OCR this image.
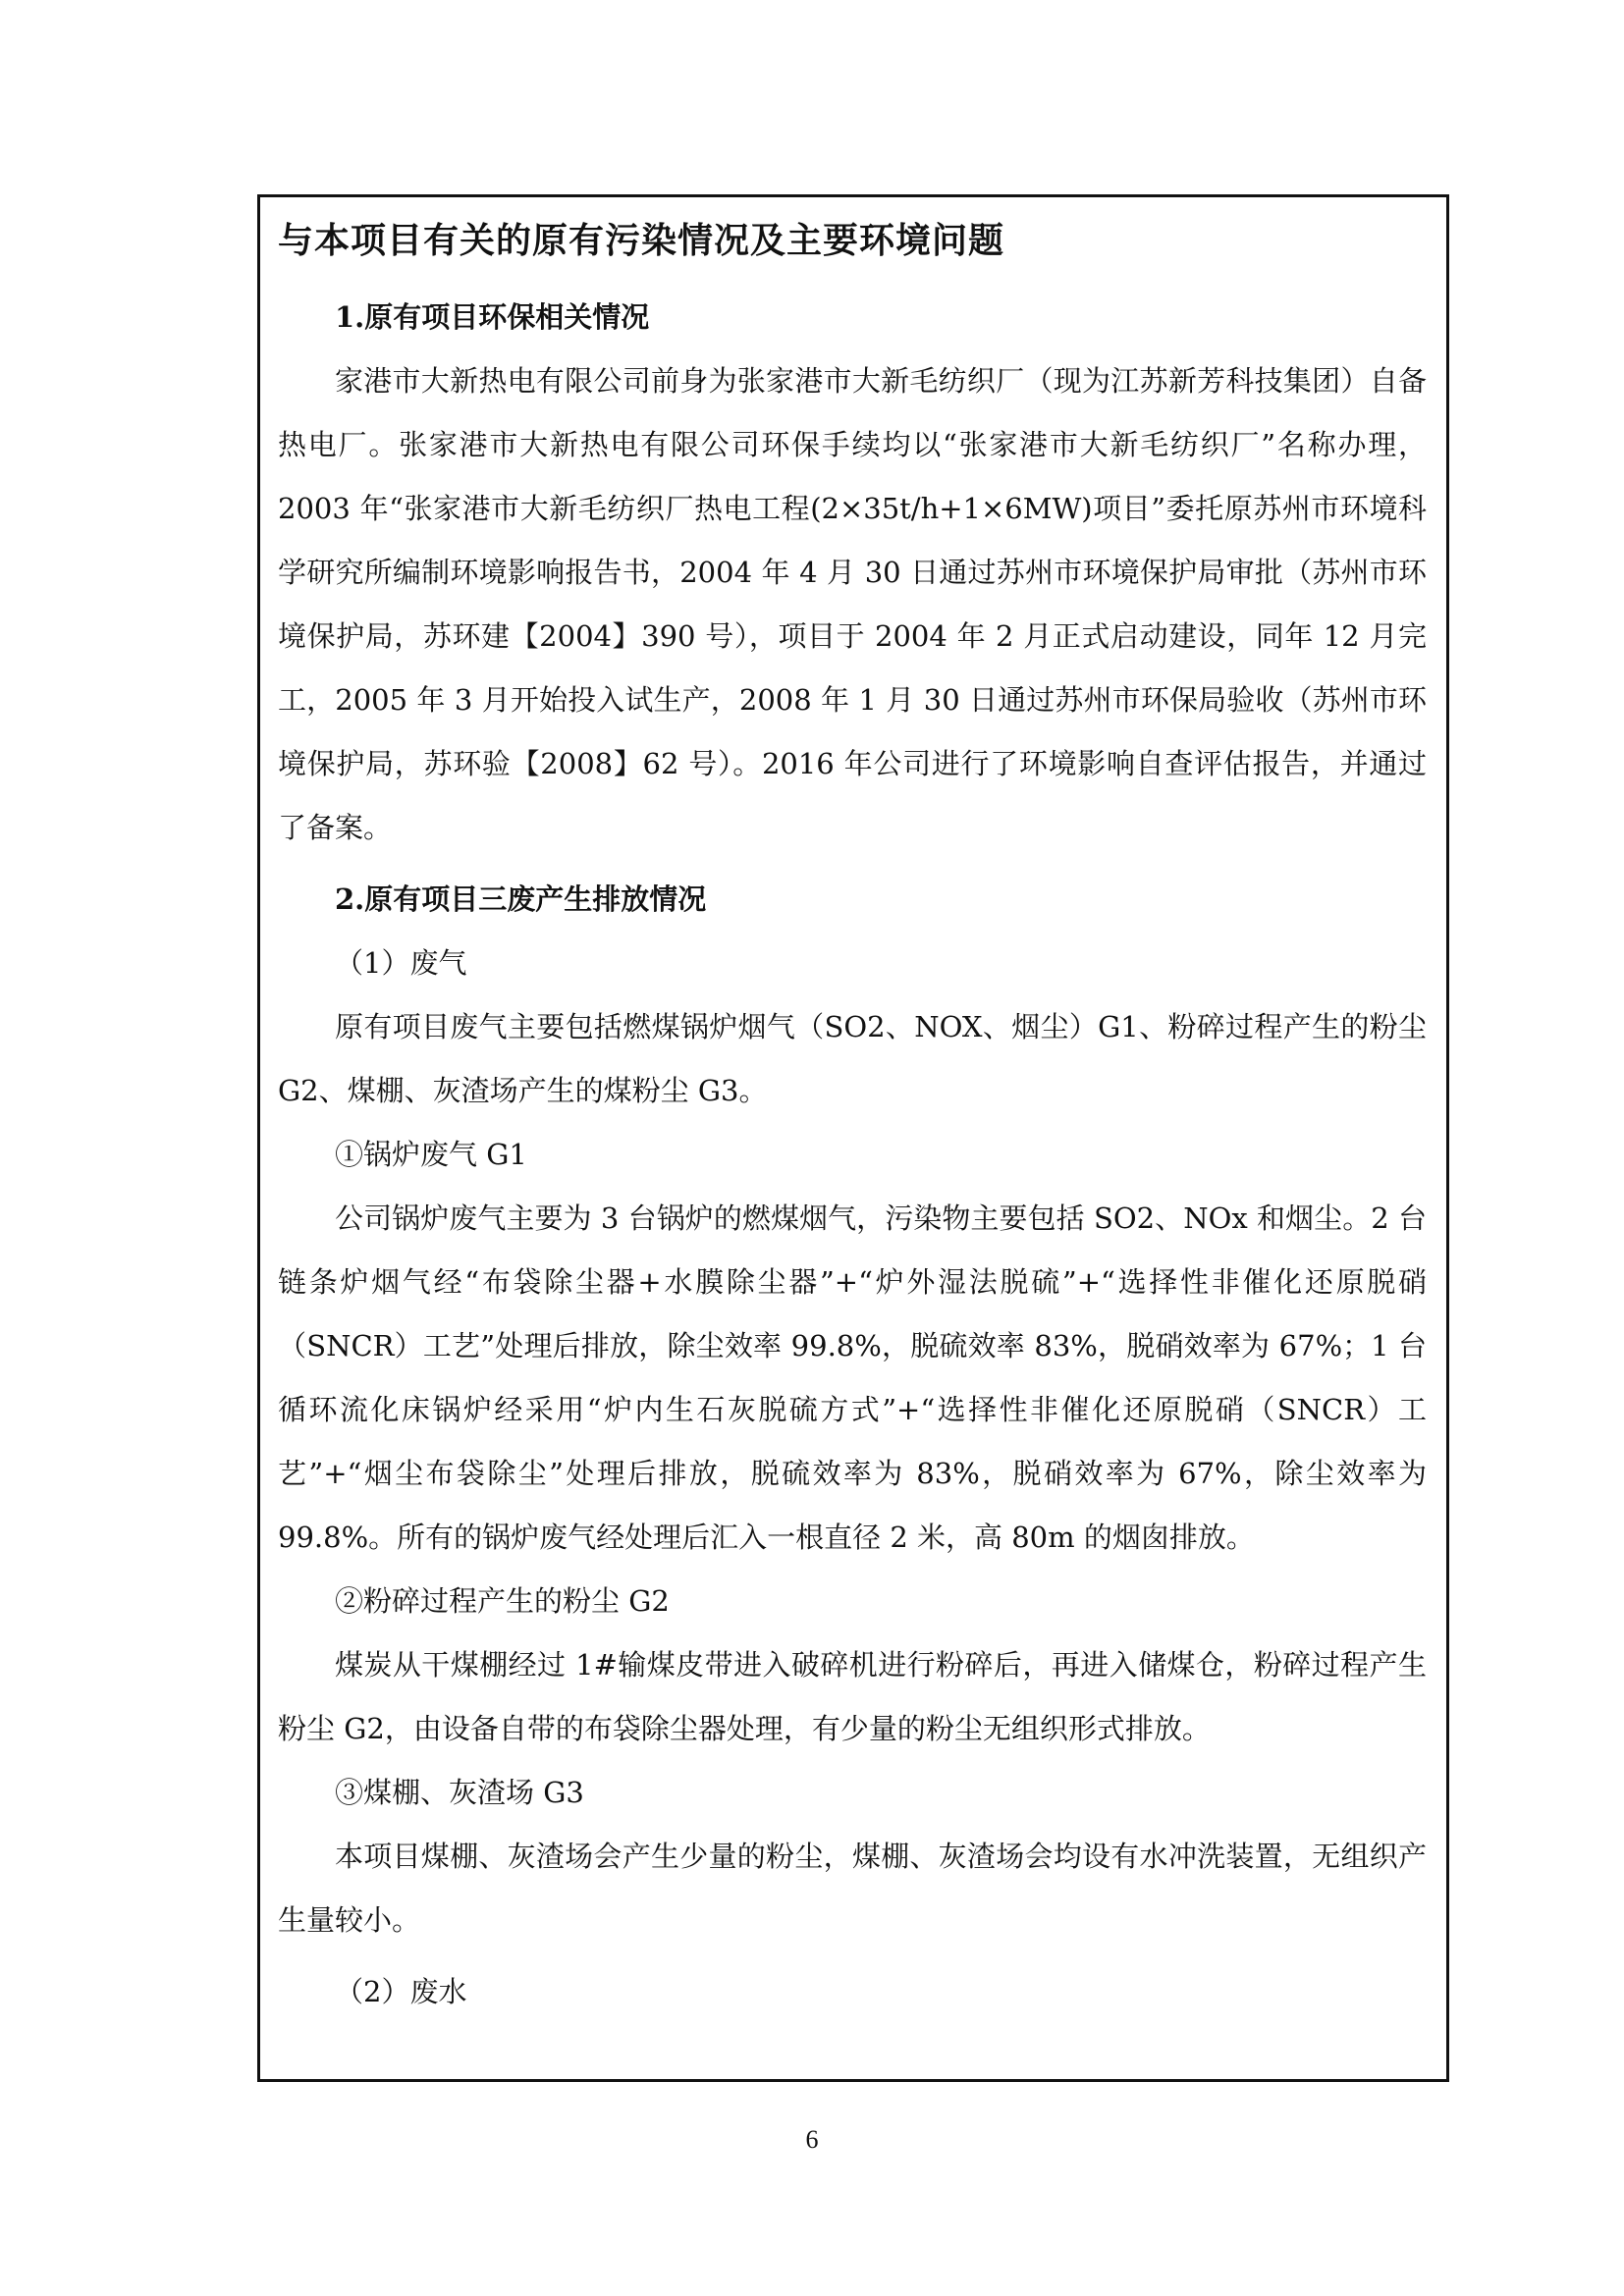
与本项目有关的原有污染情况及主要环境问题

1.原有项目环保相关情况

家港市大新热电有限公司前身为张家港市大新毛纺织厂（现为江苏新芳科技集团）自备热电厂。张家港市大新热电有限公司环保手续均以“张家港市大新毛纺织厂”名称办理，2003 年“张家港市大新毛纺织厂热电工程(2×35t/h+1×6MW)项目”委托原苏州市环境科学研究所编制环境影响报告书，2004 年 4 月 30 日通过苏州市环境保护局审批（苏州市环境保护局，苏环建【2004】390 号），项目于 2004 年 2 月正式启动建设，同年 12 月完工，2005 年 3 月开始投入试生产，2008 年 1 月 30 日通过苏州市环保局验收（苏州市环境保护局，苏环验【2008】62 号）。2016 年公司进行了环境影响自查评估报告，并通过了备案。

2.原有项目三废产生排放情况

（1）废气

原有项目废气主要包括燃煤锅炉烟气（SO2、NOX、烟尘）G1、粉碎过程产生的粉尘 G2、煤棚、灰渣场产生的煤粉尘 G3。

①锅炉废气 G1

公司锅炉废气主要为 3 台锅炉的燃煤烟气，污染物主要包括 SO2、NOx 和烟尘。2 台链条炉烟气经“布袋除尘器+水膜除尘器”+“炉外湿法脱硫”+“选择性非催化还原脱硝（SNCR）工艺”处理后排放，除尘效率 99.8%，脱硫效率 83%，脱硝效率为 67%；1 台循环流化床锅炉经采用“炉内生石灰脱硫方式”+“选择性非催化还原脱硝（SNCR）工艺”+“烟尘布袋除尘”处理后排放，脱硫效率为 83%，脱硝效率为 67%，除尘效率为 99.8%。所有的锅炉废气经处理后汇入一根直径 2 米，高 80m 的烟囱排放。

②粉碎过程产生的粉尘 G2

煤炭从干煤棚经过 1#输煤皮带进入破碎机进行粉碎后，再进入储煤仓，粉碎过程产生粉尘 G2，由设备自带的布袋除尘器处理，有少量的粉尘无组织形式排放。

③煤棚、灰渣场 G3

本项目煤棚、灰渣场会产生少量的粉尘，煤棚、灰渣场会均设有水冲洗装置，无组织产生量较小。

（2）废水

6
